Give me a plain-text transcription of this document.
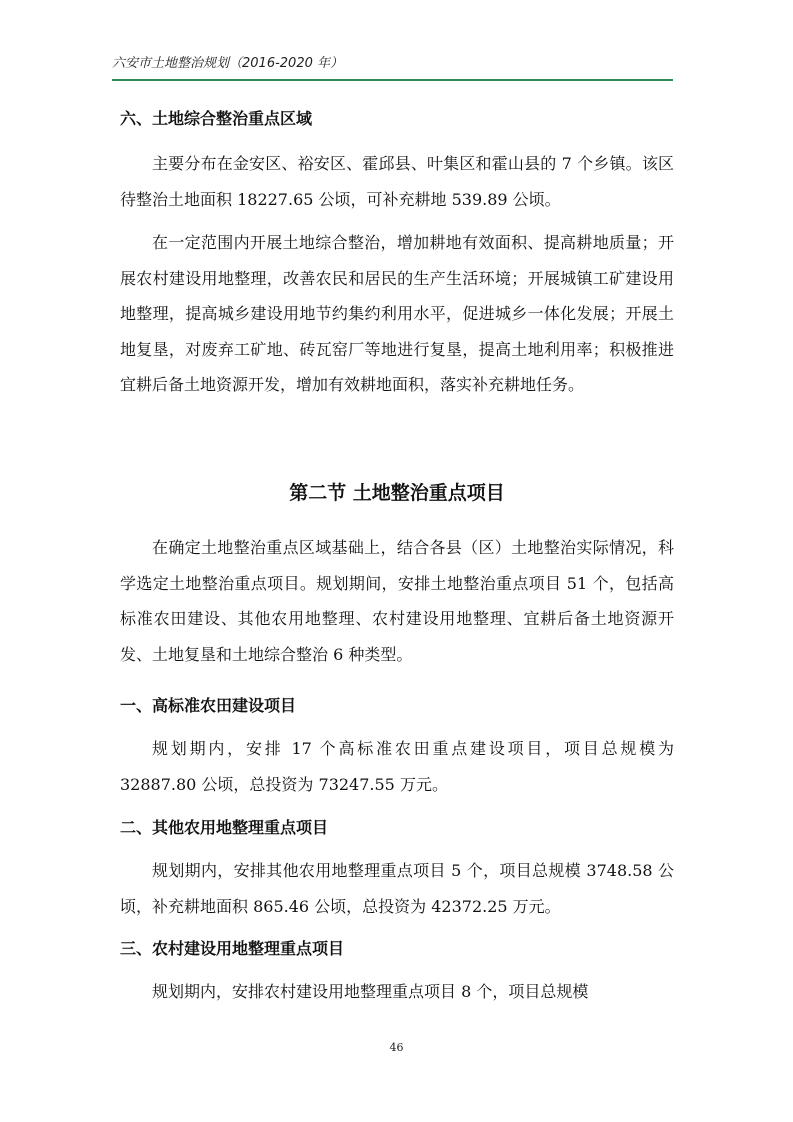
六安市土地整治规划（2016-2020 年）
六、土地综合整治重点区域
主要分布在金安区、裕安区、霍邱县、叶集区和霍山县的 7 个乡镇。该区待整治土地面积 18227.65 公顷，可补充耕地 539.89 公顷。
在一定范围内开展土地综合整治，增加耕地有效面积、提高耕地质量；开展农村建设用地整理，改善农民和居民的生产生活环境；开展城镇工矿建设用地整理，提高城乡建设用地节约集约利用水平，促进城乡一体化发展；开展土地复垦，对废弃工矿地、砖瓦窑厂等地进行复垦，提高土地利用率；积极推进宜耕后备土地资源开发，增加有效耕地面积，落实补充耕地任务。
第二节 土地整治重点项目
在确定土地整治重点区域基础上，结合各县（区）土地整治实际情况，科学选定土地整治重点项目。规划期间，安排土地整治重点项目 51 个，包括高标准农田建设、其他农用地整理、农村建设用地整理、宜耕后备土地资源开发、土地复垦和土地综合整治 6 种类型。
一、高标准农田建设项目
规划期内，安排 17 个高标准农田重点建设项目，项目总规模为 32887.80 公顷，总投资为 73247.55 万元。
二、其他农用地整理重点项目
规划期内，安排其他农用地整理重点项目 5 个，项目总规模 3748.58 公顷，补充耕地面积 865.46 公顷，总投资为 42372.25 万元。
三、农村建设用地整理重点项目
规划期内，安排农村建设用地整理重点项目 8 个，项目总规模
46
